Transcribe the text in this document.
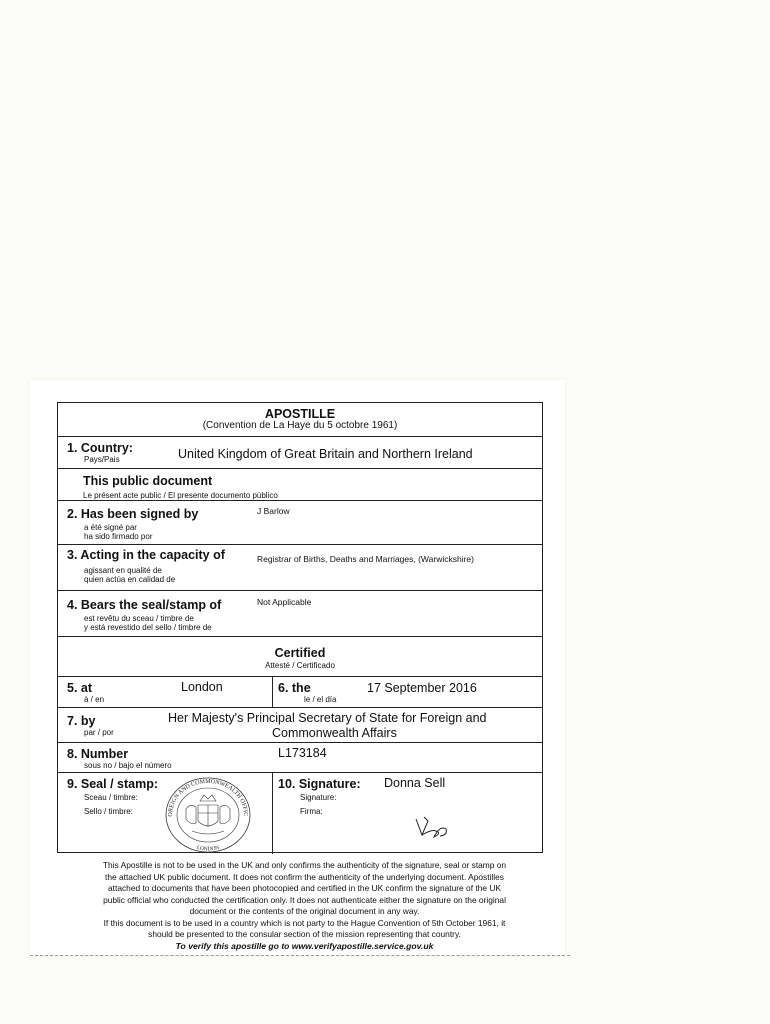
APOSTILLE
(Convention de La Haye du 5 octobre 1961)
1. Country:
Pays/Pais	United Kingdom of Great Britain and Northern Ireland
This public document
Le présent acte public / El presente documento público
2. Has been signed by
a été signé par
ha sido firmado por
J Barlow
3. Acting in the capacity of
agissant en qualité de
quien actúa en calidad de
Registrar of Births, Deaths and Marriages, (Warwickshire)
4. Bears the seal/stamp of
est revêtu du sceau / timbre de
y está revestido del sello / timbre de
Not Applicable
Certified
Attesté / Certificado
5. at
à / en
London	6. the
le / el día
17 September 2016
7. by
par / por
Her Majesty's Principal Secretary of State for Foreign and
Commonwealth Affairs
8. Number
sous no / bajo el número
L173184
9. Seal / stamp:
Sceau / timbre:
Sello / timbre:	OREIGN AND COMMONWEALTH OFFIC
LONDON
10. Signature: Donna Sell
Signature:
Firma:

This Apostille is not to be used in the UK and only confirms the authenticity of the signature, seal or stamp on

the attached UK public document. It does not confirm the authenticity of the underlying document. Apostilles

attached to documents that have been photocopied and certified in the UK confirm the signature of the UK

public official who conducted the certification only. It does not authenticate either the signature on the original

document or the contents of the original document in any way.

If this document is to be used in a country which is not party to the Hague Convention of 5th October 1961, it

should be presented to the consular section of the mission representing that country.

To verify this apostille go to www.verifyapostille.service.gov.uk
